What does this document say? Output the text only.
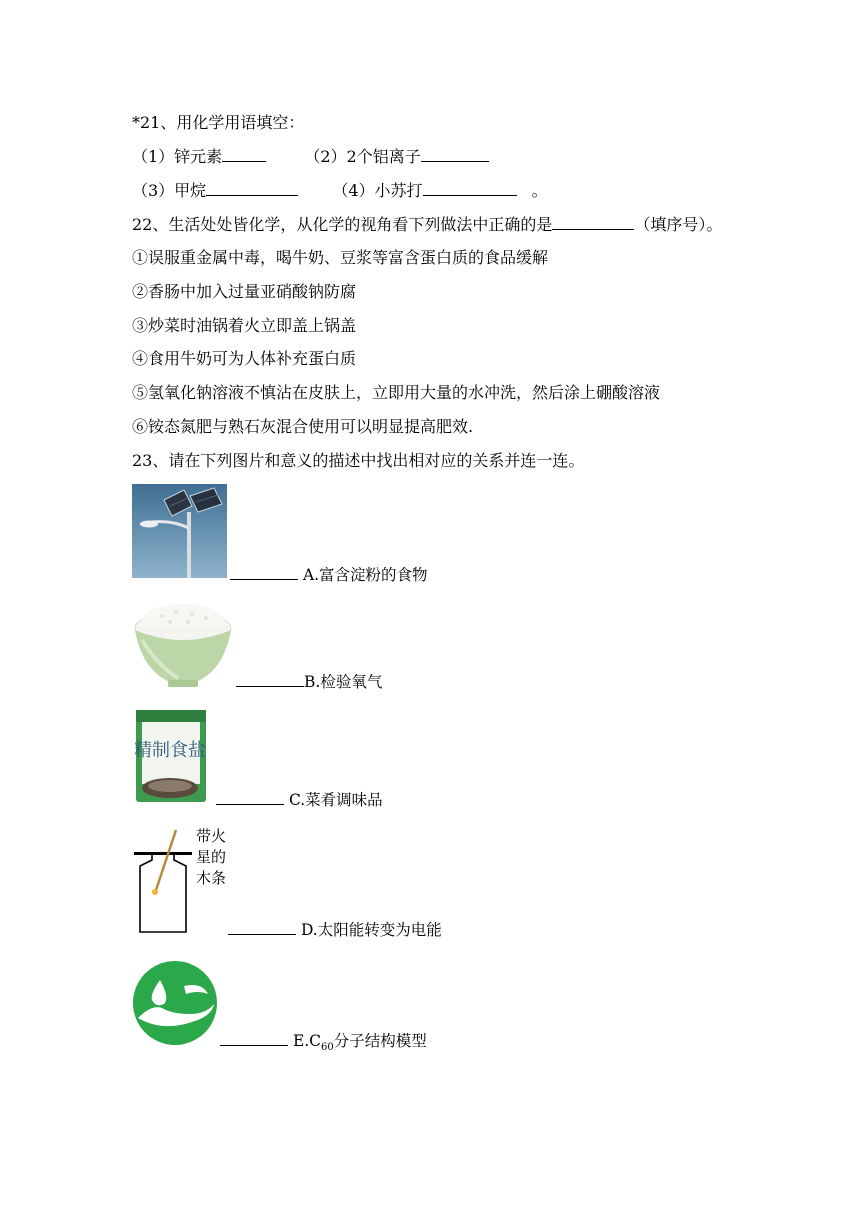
*21、用化学用语填空：
（1）锌元素	（2）2个铝离子
（3）甲烷	（4）小苏打	。
22、生活处处皆化学，从化学的视角看下列做法中正确的是	（填序号）。
①误服重金属中毒，喝牛奶、豆浆等富含蛋白质的食品缓解
②香肠中加入过量亚硝酸钠防腐
③炒菜时油锅着火立即盖上锅盖
④食用牛奶可为人体补充蛋白质
⑤氢氧化钠溶液不慎沾在皮肤上，立即用大量的水冲洗，然后涂上硼酸溶液
⑥铵态氮肥与熟石灰混合使用可以明显提高肥效.
23、请在下列图片和意义的描述中找出相对应的关系并连一连。
A.富含淀粉的食物
B.检验氧气
精制食盐
C.菜肴调味品
带火
星的
木条
D.太阳能转变为电能
$E.C_{60}$分子结构模型
